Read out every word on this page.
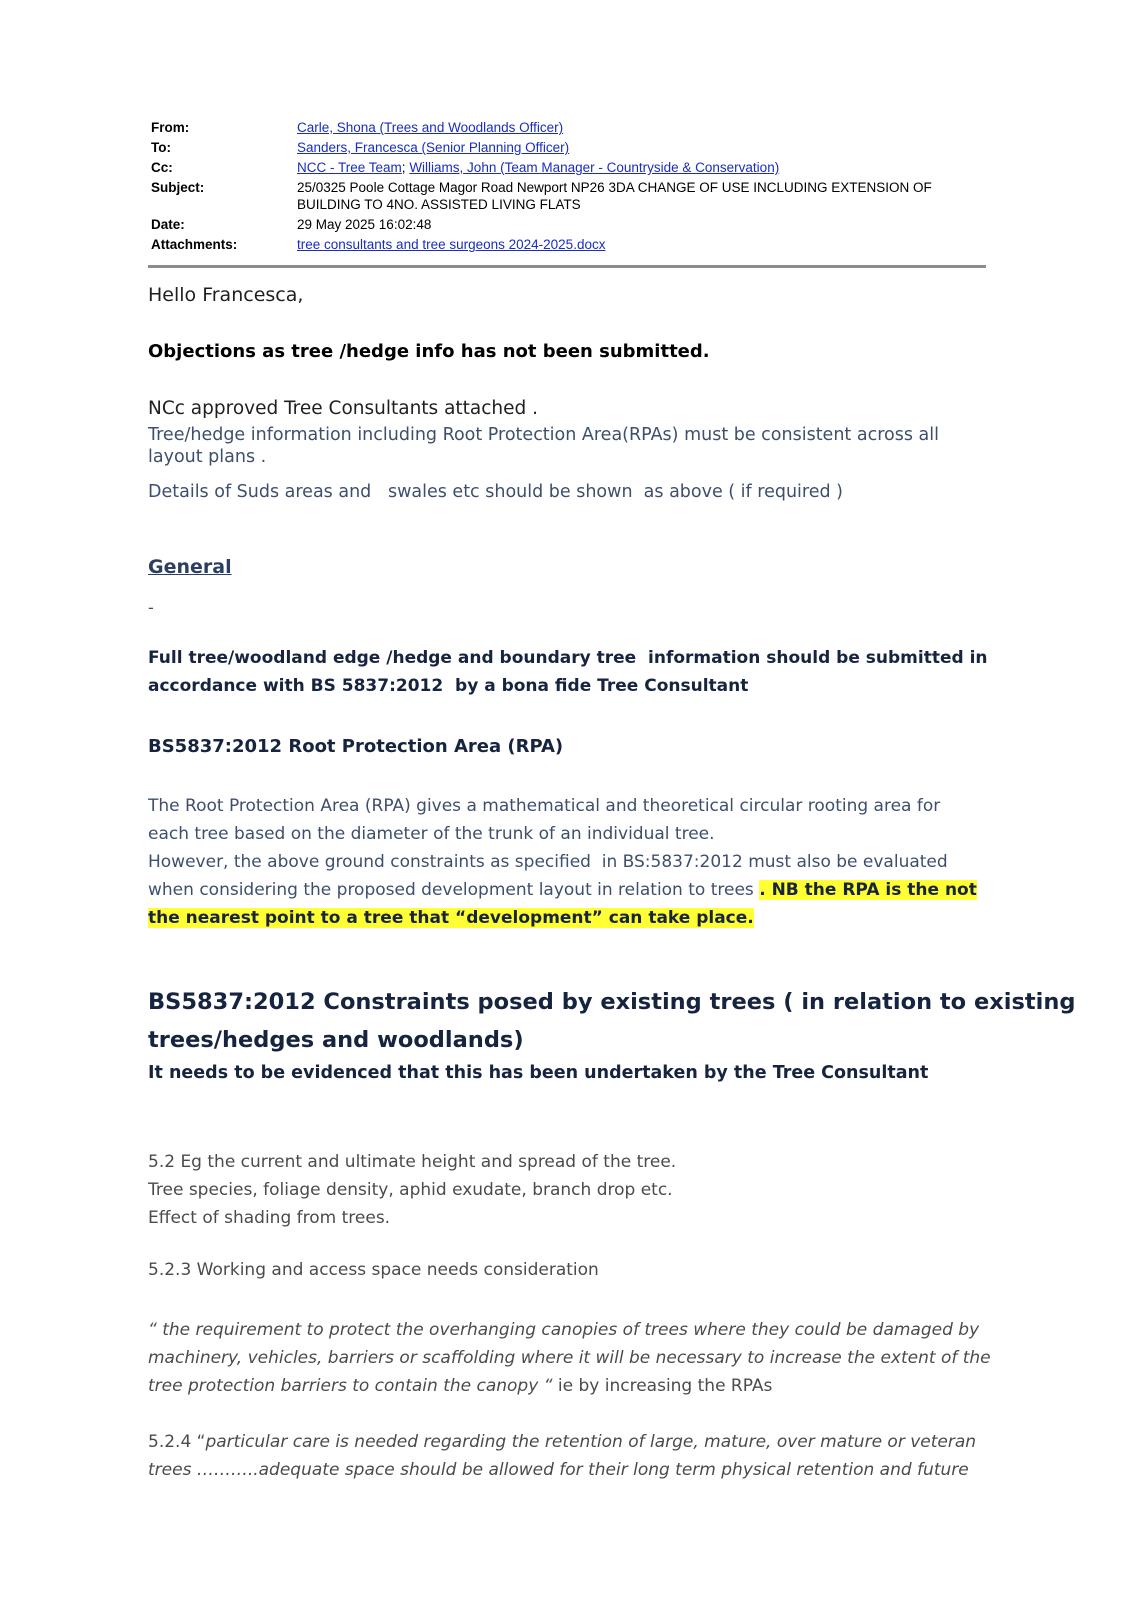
From:	Carle, Shona (Trees and Woodlands Officer)
To:	Sanders, Francesca (Senior Planning Officer)
Cc:	NCC - Tree Team; Williams, John (Team Manager - Countryside & Conservation)
Subject:	25/0325 Poole Cottage Magor Road Newport NP26 3DA CHANGE OF USE INCLUDING EXTENSION OF
BUILDING TO 4NO. ASSISTED LIVING FLATS
Date:	29 May 2025 16:02:48
Attachments:	tree consultants and tree surgeons 2024-2025.docx
Hello Francesca,
Objections as tree /hedge info has not been submitted.
NCc approved Tree Consultants attached .
Tree/hedge information including Root Protection Area(RPAs) must be consistent across all
layout plans .
Details of Suds areas and   swales etc should be shown  as above ( if required )
General
-
Full tree/woodland edge /hedge and boundary tree  information should be submitted in
accordance with BS 5837:2012  by a bona fide Tree Consultant
BS5837:2012 Root Protection Area (RPA)
The Root Protection Area (RPA) gives a mathematical and theoretical circular rooting area for
each tree based on the diameter of the trunk of an individual tree.
However, the above ground constraints as specified  in BS:5837:2012 must also be evaluated
when considering the proposed development layout in relation to trees . NB the RPA is the not
the nearest point to a tree that “development” can take place.
BS5837:2012 Constraints posed by existing trees ( in relation to existing
trees/hedges and woodlands)
It needs to be evidenced that this has been undertaken by the Tree Consultant
5.2 Eg the current and ultimate height and spread of the tree.
Tree species, foliage density, aphid exudate, branch drop etc.
Effect of shading from trees.
5.2.3 Working and access space needs consideration
“ the requirement to protect the overhanging canopies of trees where they could be damaged by
machinery, vehicles, barriers or scaffolding where it will be necessary to increase the extent of the
tree protection barriers to contain the canopy “ ie by increasing the RPAs
5.2.4 “particular care is needed regarding the retention of large, mature, over mature or veteran
trees ………..adequate space should be allowed for their long term physical retention and future
